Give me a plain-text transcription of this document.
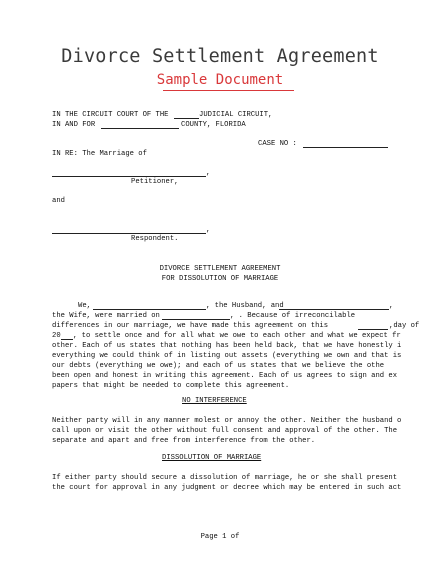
Divorce Settlement Agreement
Sample Document
IN THE CIRCUIT COURT OF THE	JUDICIAL CIRCUIT,
IN AND FOR	COUNTY, FLORIDA
CASE NO :
IN RE: The Marriage of
,
Petitioner,
and
,
Respondent.
DIVORCE SETTLEMENT AGREEMENT
FOR DISSOLUTION OF MARRIAGE
We,	, the Husband, and	,
the Wife, were married on	, . Because of irreconcilable
differences in our marriage, we have made this agreement on this	,day of
20 , to settle once and for all what we owe to each other and what we expect fr
other. Each of us states that nothing has been held back, that we have honestly i
everything we could think of in listing out assets (everything we own and that is
our debts (everything we owe); and each of us states that we believe the othe
been open and honest in writing this agreement. Each of us agrees to sign and ex
papers that might be needed to complete this agreement.
NO INTERFERENCE
Neither party will in any manner molest or annoy the other. Neither the husband o
call upon or visit the other without full consent and approval of the other. The
separate and apart and free from interference from the other.
DISSOLUTION OF MARRIAGE
If either party should secure a dissolution of marriage, he or she shall present
the court for approval in any judgment or decree which may be entered in such act
Page 1 of
